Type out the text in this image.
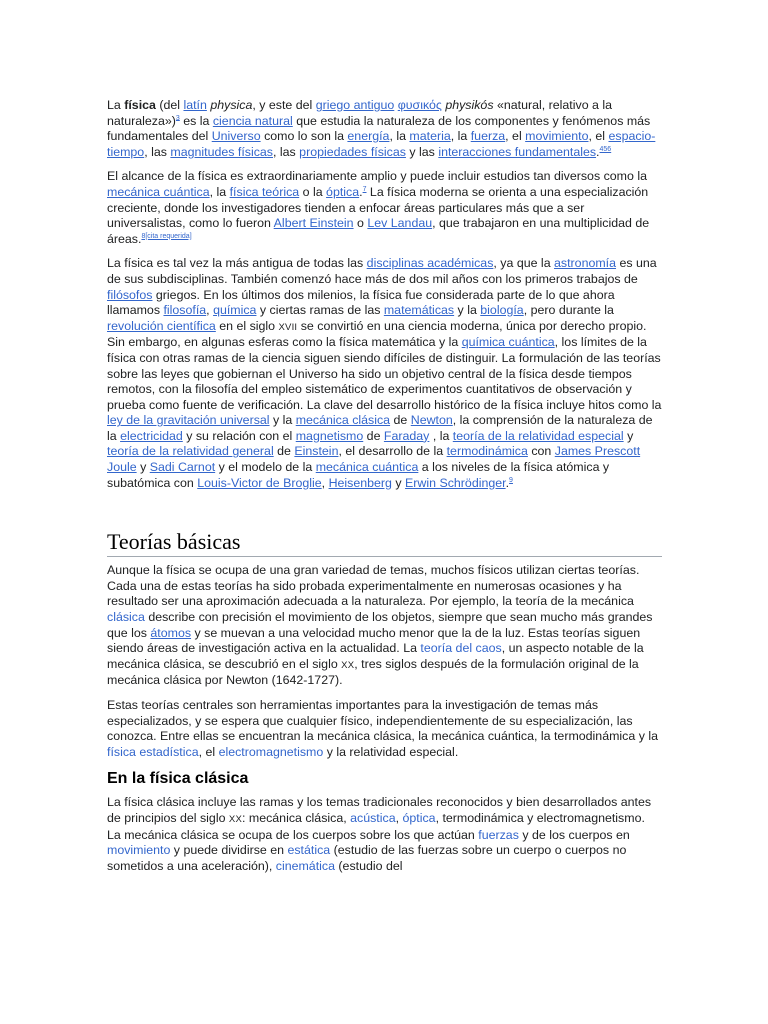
La física (del latín physica, y este del griego antiguo φυσικός physikós «natural, relativo a la naturaleza»)$^3$ es la ciencia natural que estudia la naturaleza de los componentes y fenómenos más fundamentales del Universo como lo son la energía, la materia, la fuerza, el movimiento, el espacio-tiempo, las magnitudes físicas, las propiedades físicas y las interacciones fundamentales.$^{456}$

El alcance de la física es extraordinariamente amplio y puede incluir estudios tan diversos como la mecánica cuántica, la física teórica o la óptica.$^7$ La física moderna se orienta a una especialización creciente, donde los investigadores tienden a enfocar áreas particulares más que a ser universalistas, como lo fueron Albert Einstein o Lev Landau, que trabajaron en una multiplicidad de áreas.$^{8[cita requerida]}$

La física es tal vez la más antigua de todas las disciplinas académicas, ya que la astronomía es una de sus subdisciplinas. También comenzó hace más de dos mil años con los primeros trabajos de filósofos griegos. En los últimos dos milenios, la física fue considerada parte de lo que ahora llamamos filosofía, química y ciertas ramas de las matemáticas y la biología, pero durante la revolución científica en el siglo XVII se convirtió en una ciencia moderna, única por derecho propio. Sin embargo, en algunas esferas como la física matemática y la química cuántica, los límites de la física con otras ramas de la ciencia siguen siendo difíciles de distinguir. La formulación de las teorías sobre las leyes que gobiernan el Universo ha sido un objetivo central de la física desde tiempos remotos, con la filosofía del empleo sistemático de experimentos cuantitativos de observación y prueba como fuente de verificación. La clave del desarrollo histórico de la física incluye hitos como la ley de la gravitación universal y la mecánica clásica de Newton, la comprensión de la naturaleza de la electricidad y su relación con el magnetismo de Faraday , la teoría de la relatividad especial y teoría de la relatividad general de Einstein, el desarrollo de la termodinámica con James Prescott Joule y Sadi Carnot y el modelo de la mecánica cuántica a los niveles de la física atómica y subatómica con Louis-Victor de Broglie, Heisenberg y Erwin Schrödinger.$^9$

Teorías básicas

Aunque la física se ocupa de una gran variedad de temas, muchos físicos utilizan ciertas teorías. Cada una de estas teorías ha sido probada experimentalmente en numerosas ocasiones y ha resultado ser una aproximación adecuada a la naturaleza. Por ejemplo, la teoría de la mecánica clásica describe con precisión el movimiento de los objetos, siempre que sean mucho más grandes que los átomos y se muevan a una velocidad mucho menor que la de la luz. Estas teorías siguen siendo áreas de investigación activa en la actualidad. La teoría del caos, un aspecto notable de la mecánica clásica, se descubrió en el siglo XX, tres siglos después de la formulación original de la mecánica clásica por Newton (1642-1727).

Estas teorías centrales son herramientas importantes para la investigación de temas más especializados, y se espera que cualquier físico, independientemente de su especialización, las conozca. Entre ellas se encuentran la mecánica clásica, la mecánica cuántica, la termodinámica y la física estadística, el electromagnetismo y la relatividad especial.

En la física clásica

La física clásica incluye las ramas y los temas tradicionales reconocidos y bien desarrollados antes de principios del siglo XX: mecánica clásica, acústica, óptica, termodinámica y electromagnetismo. La mecánica clásica se ocupa de los cuerpos sobre los que actúan fuerzas y de los cuerpos en movimiento y puede dividirse en estática (estudio de las fuerzas sobre un cuerpo o cuerpos no sometidos a una aceleración), cinemática (estudio del
